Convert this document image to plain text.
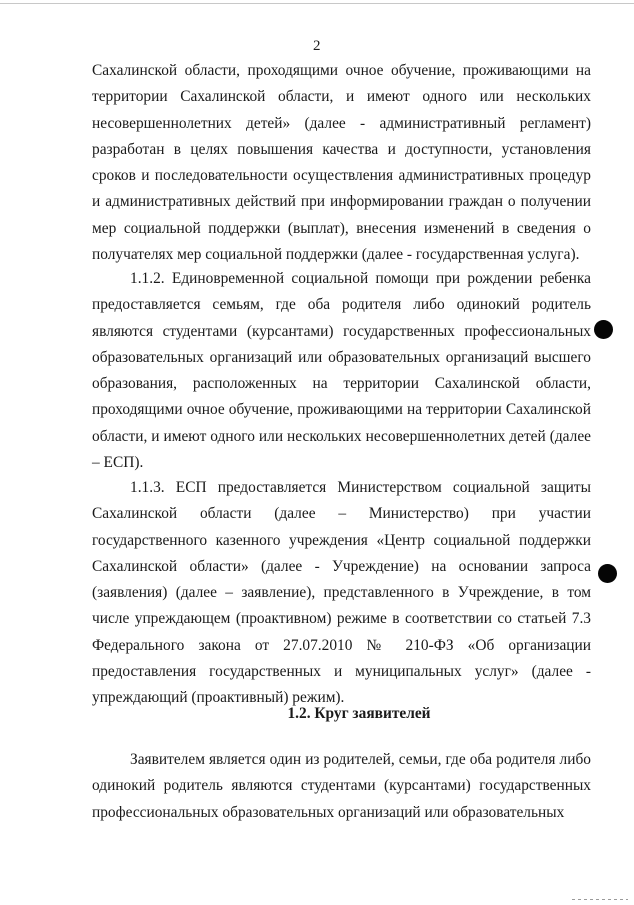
2

Сахалинской области, проходящими очное обучение, проживающими на территории Сахалинской области, и имеют одного или нескольких несовершеннолетних детей» (далее - административный регламент) разработан в целях повышения качества и доступности, установления сроков и последовательности осуществления административных процедур и административных действий при информировании граждан о получении мер социальной поддержки (выплат), внесения изменений в сведения о получателях мер социальной поддержки (далее - государственная услуга).

1.1.2. Единовременной социальной помощи при рождении ребенка предоставляется семьям, где оба родителя либо одинокий родитель являются студентами (курсантами) государственных профессиональных образовательных организаций или образовательных организаций высшего образования, расположенных на территории Сахалинской области, проходящими очное обучение, проживающими на территории Сахалинской области, и имеют одного или нескольких несовершеннолетних детей (далее – ЕСП).

1.1.3. ЕСП предоставляется Министерством социальной защиты Сахалинской области (далее – Министерство) при участии государственного казенного учреждения «Центр социальной поддержки Сахалинской области» (далее - Учреждение) на основании запроса (заявления) (далее – заявление), представленного в Учреждение, в том числе упреждающем (проактивном) режиме в соответствии со статьей 7.3 Федерального закона от 27.07.2010 № 210-ФЗ «Об организации предоставления государственных и муниципальных услуг» (далее - упреждающий (проактивный) режим).

1.2. Круг заявителей

Заявителем является один из родителей, семьи, где оба родителя либо одинокий родитель являются студентами (курсантами) государственных профессиональных образовательных организаций или образовательных
